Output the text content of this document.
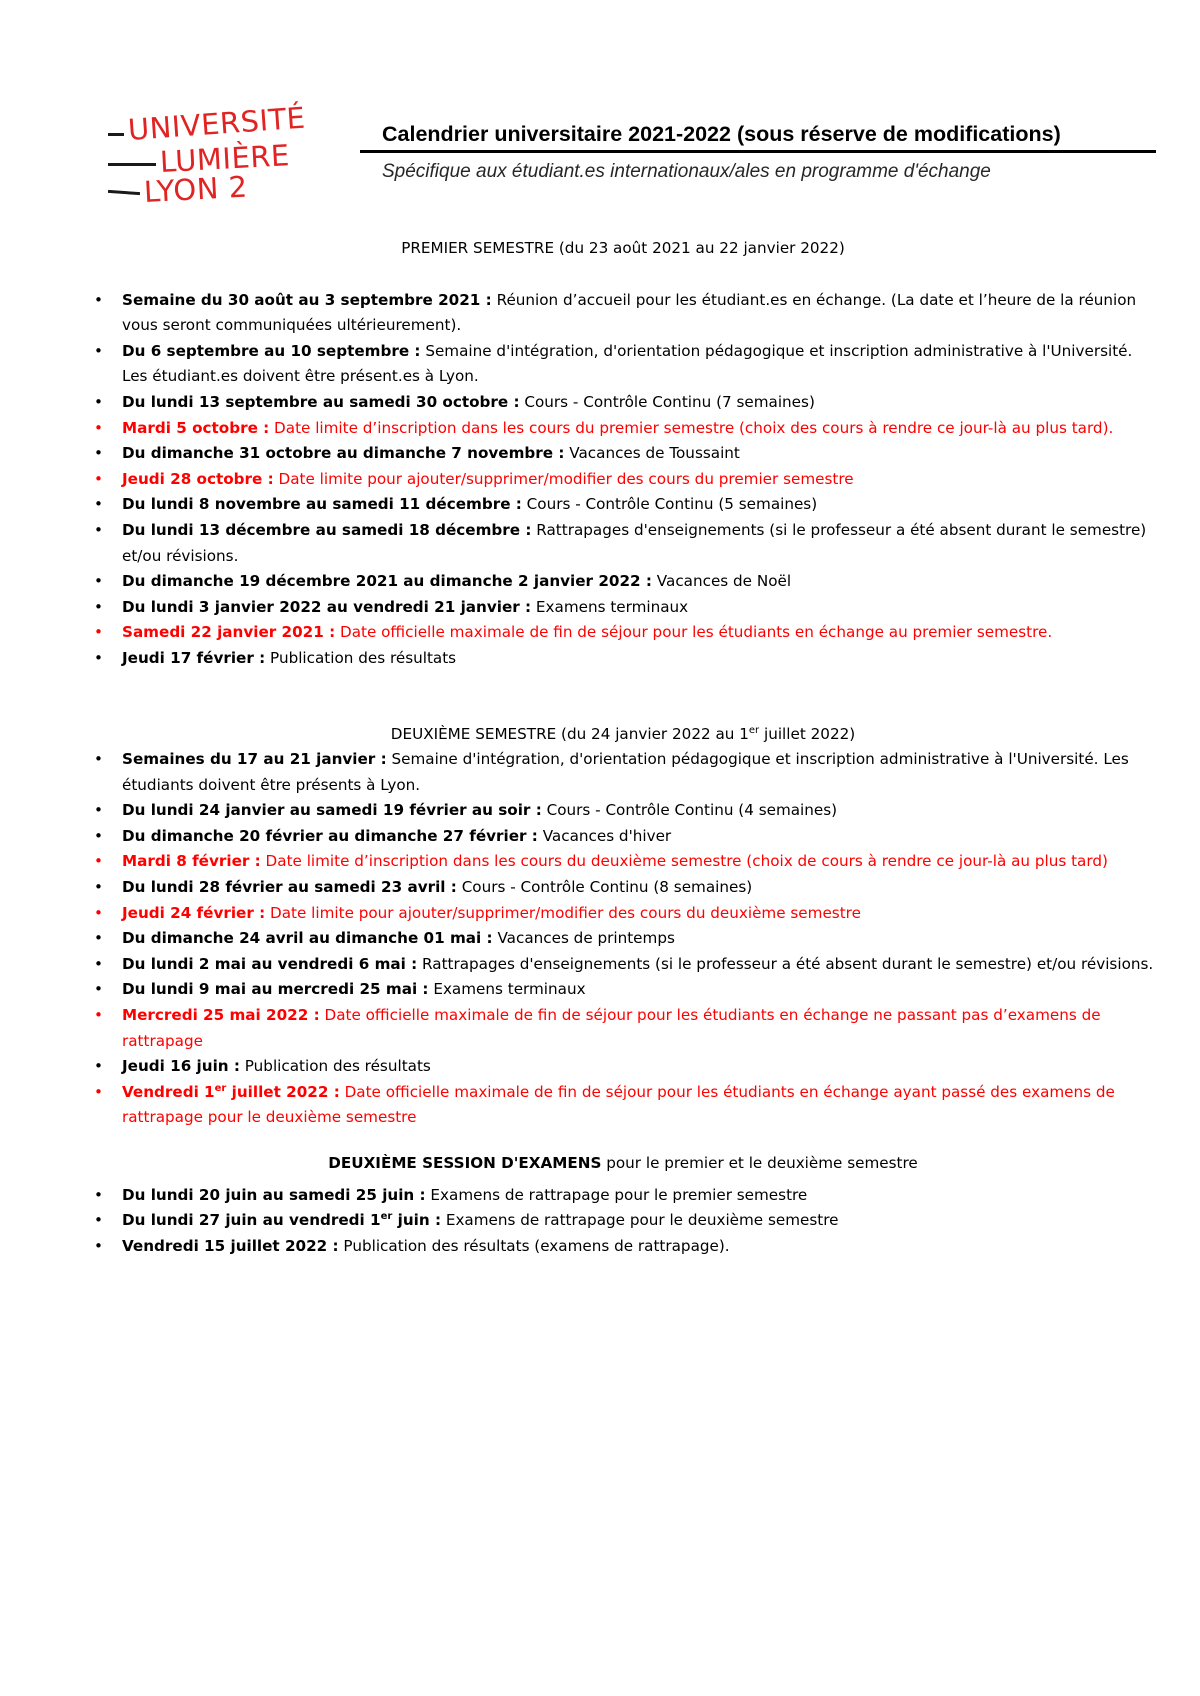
UNIVERSITÉ
LUMIÈRE
LYON 2
Calendrier universitaire 2021-2022 (sous réserve de modifications)
Spécifique aux étudiant.es internationaux/ales en programme d'échange

PREMIER SEMESTRE (du 23 août 2021 au 22 janvier 2022)

• Semaine du 30 août au 3 septembre 2021 : Réunion d’accueil pour les étudiant.es en échange. (La date et l’heure de la réunion vous seront communiquées ultérieurement).
• Du 6 septembre au 10 septembre : Semaine d'intégration, d'orientation pédagogique et inscription administrative à l'Université. Les étudiant.es doivent être présent.es à Lyon.
• Du lundi 13 septembre au samedi 30 octobre : Cours - Contrôle Continu (7 semaines)
• Mardi 5 octobre : Date limite d’inscription dans les cours du premier semestre (choix des cours à rendre ce jour-là au plus tard).
• Du dimanche 31 octobre au dimanche 7 novembre : Vacances de Toussaint
• Jeudi 28 octobre : Date limite pour ajouter/supprimer/modifier des cours du premier semestre
• Du lundi 8 novembre au samedi 11 décembre : Cours - Contrôle Continu (5 semaines)
• Du lundi 13 décembre au samedi 18 décembre : Rattrapages d'enseignements (si le professeur a été absent durant le semestre) et/ou révisions.
• Du dimanche 19 décembre 2021 au dimanche 2 janvier 2022 : Vacances de Noël
• Du lundi 3 janvier 2022 au vendredi 21 janvier : Examens terminaux
• Samedi 22 janvier 2021 : Date officielle maximale de fin de séjour pour les étudiants en échange au premier semestre.
• Jeudi 17 février : Publication des résultats

DEUXIÈME SEMESTRE (du 24 janvier 2022 au 1er juillet 2022)

• Semaines du 17 au 21 janvier : Semaine d'intégration, d'orientation pédagogique et inscription administrative à l'Université. Les étudiants doivent être présents à Lyon.
• Du lundi 24 janvier au samedi 19 février au soir : Cours - Contrôle Continu (4 semaines)
• Du dimanche 20 février au dimanche 27 février : Vacances d'hiver
• Mardi 8 février : Date limite d’inscription dans les cours du deuxième semestre (choix de cours à rendre ce jour-là au plus tard)
• Du lundi 28 février au samedi 23 avril : Cours - Contrôle Continu (8 semaines)
• Jeudi 24 février : Date limite pour ajouter/supprimer/modifier des cours du deuxième semestre
• Du dimanche 24 avril au dimanche 01 mai : Vacances de printemps
• Du lundi 2 mai au vendredi 6 mai : Rattrapages d'enseignements (si le professeur a été absent durant le semestre) et/ou révisions.
• Du lundi 9 mai au mercredi 25 mai : Examens terminaux
• Mercredi 25 mai 2022 : Date officielle maximale de fin de séjour pour les étudiants en échange ne passant pas d’examens de rattrapage
• Jeudi 16 juin : Publication des résultats
• Vendredi 1er juillet 2022 : Date officielle maximale de fin de séjour pour les étudiants en échange ayant passé des examens de rattrapage pour le deuxième semestre

DEUXIÈME SESSION D'EXAMENS pour le premier et le deuxième semestre

• Du lundi 20 juin au samedi 25 juin : Examens de rattrapage pour le premier semestre
• Du lundi 27 juin au vendredi 1er juin : Examens de rattrapage pour le deuxième semestre
• Vendredi 15 juillet 2022 : Publication des résultats (examens de rattrapage).
